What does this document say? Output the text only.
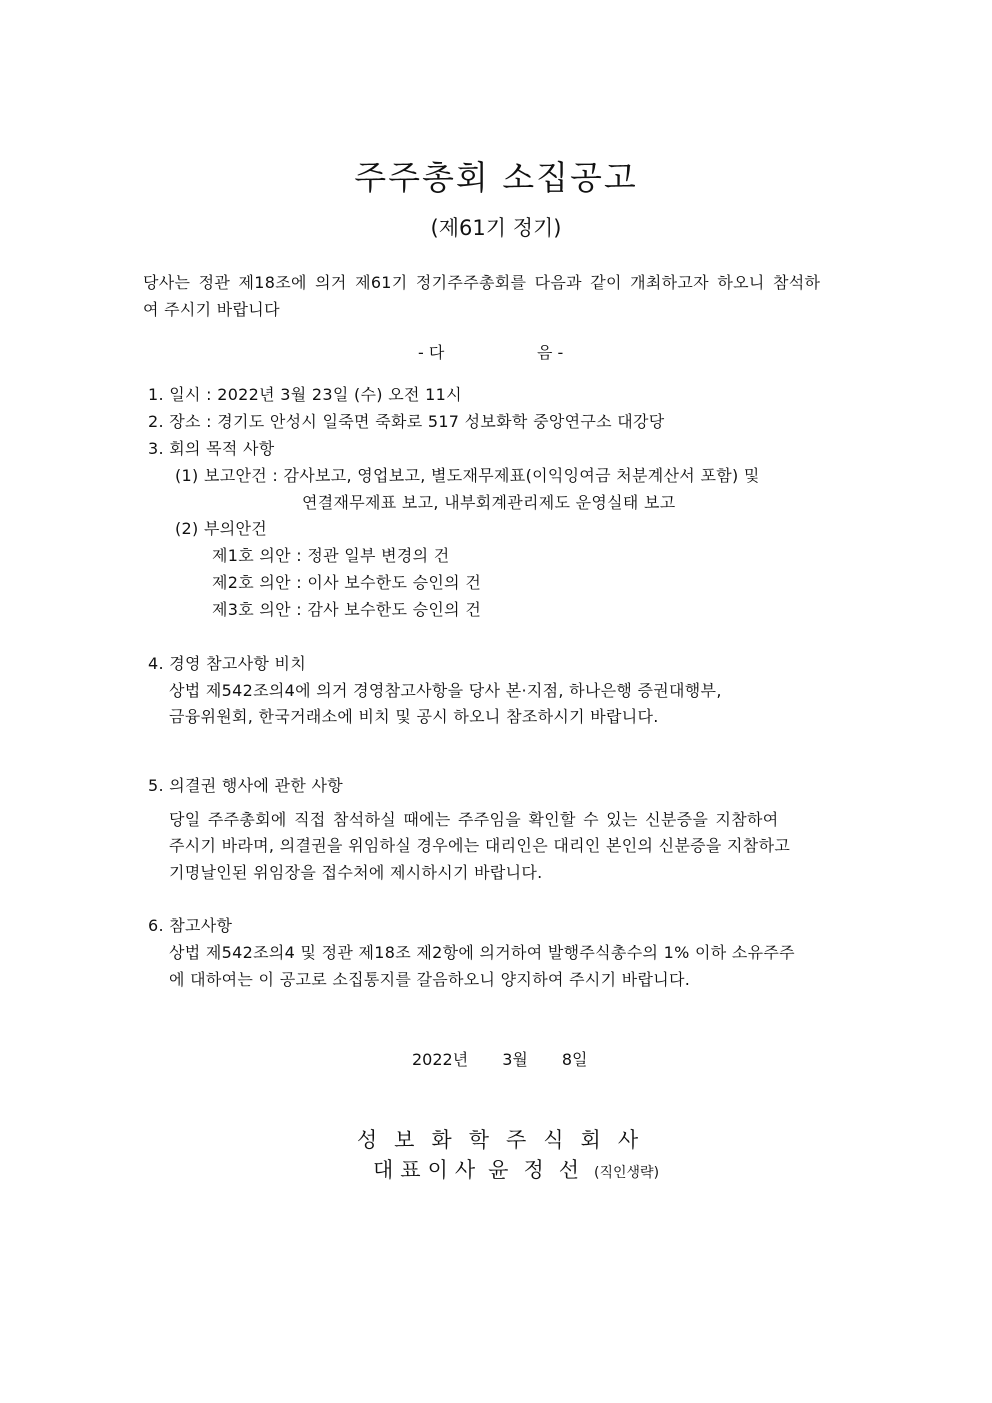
주주총회 소집공고
(제61기 정기)
당사는 정관 제18조에 의거 제61기 정기주주총회를 다음과 같이 개최하고자 하오니 참석하
여 주시기 바랍니다
- 다	음 -
1. 일시 : 2022년 3월 23일 (수) 오전 11시
2. 장소 : 경기도 안성시 일죽면 죽화로 517 성보화학 중앙연구소 대강당
3. 회의 목적 사항
(1) 보고안건 : 감사보고, 영업보고, 별도재무제표(이익잉여금 처분계산서 포함) 및
연결재무제표 보고, 내부회계관리제도 운영실태 보고
(2) 부의안건
제1호 의안 : 정관 일부 변경의 건
제2호 의안 : 이사 보수한도 승인의 건
제3호 의안 : 감사 보수한도 승인의 건
4. 경영 참고사항 비치
상법 제542조의4에 의거 경영참고사항을 당사 본·지점, 하나은행 증권대행부,
금융위원회, 한국거래소에 비치 및 공시 하오니 참조하시기 바랍니다.
5. 의결권 행사에 관한 사항
당일 주주총회에 직접 참석하실 때에는 주주임을 확인할 수 있는 신분증을 지참하여
주시기 바라며, 의결권을 위임하실 경우에는 대리인은 대리인 본인의 신분증을 지참하고
기명날인된 위임장을 접수처에 제시하시기 바랍니다.
6. 참고사항
상법 제542조의4 및 정관 제18조 제2항에 의거하여 발행주식총수의 1% 이하 소유주주
에 대하여는 이 공고로 소집통지를 갈음하오니 양지하여 주시기 바랍니다.
2022년 3월 8일
성보화학주식회사
대표이사 윤정선(직인생략)
